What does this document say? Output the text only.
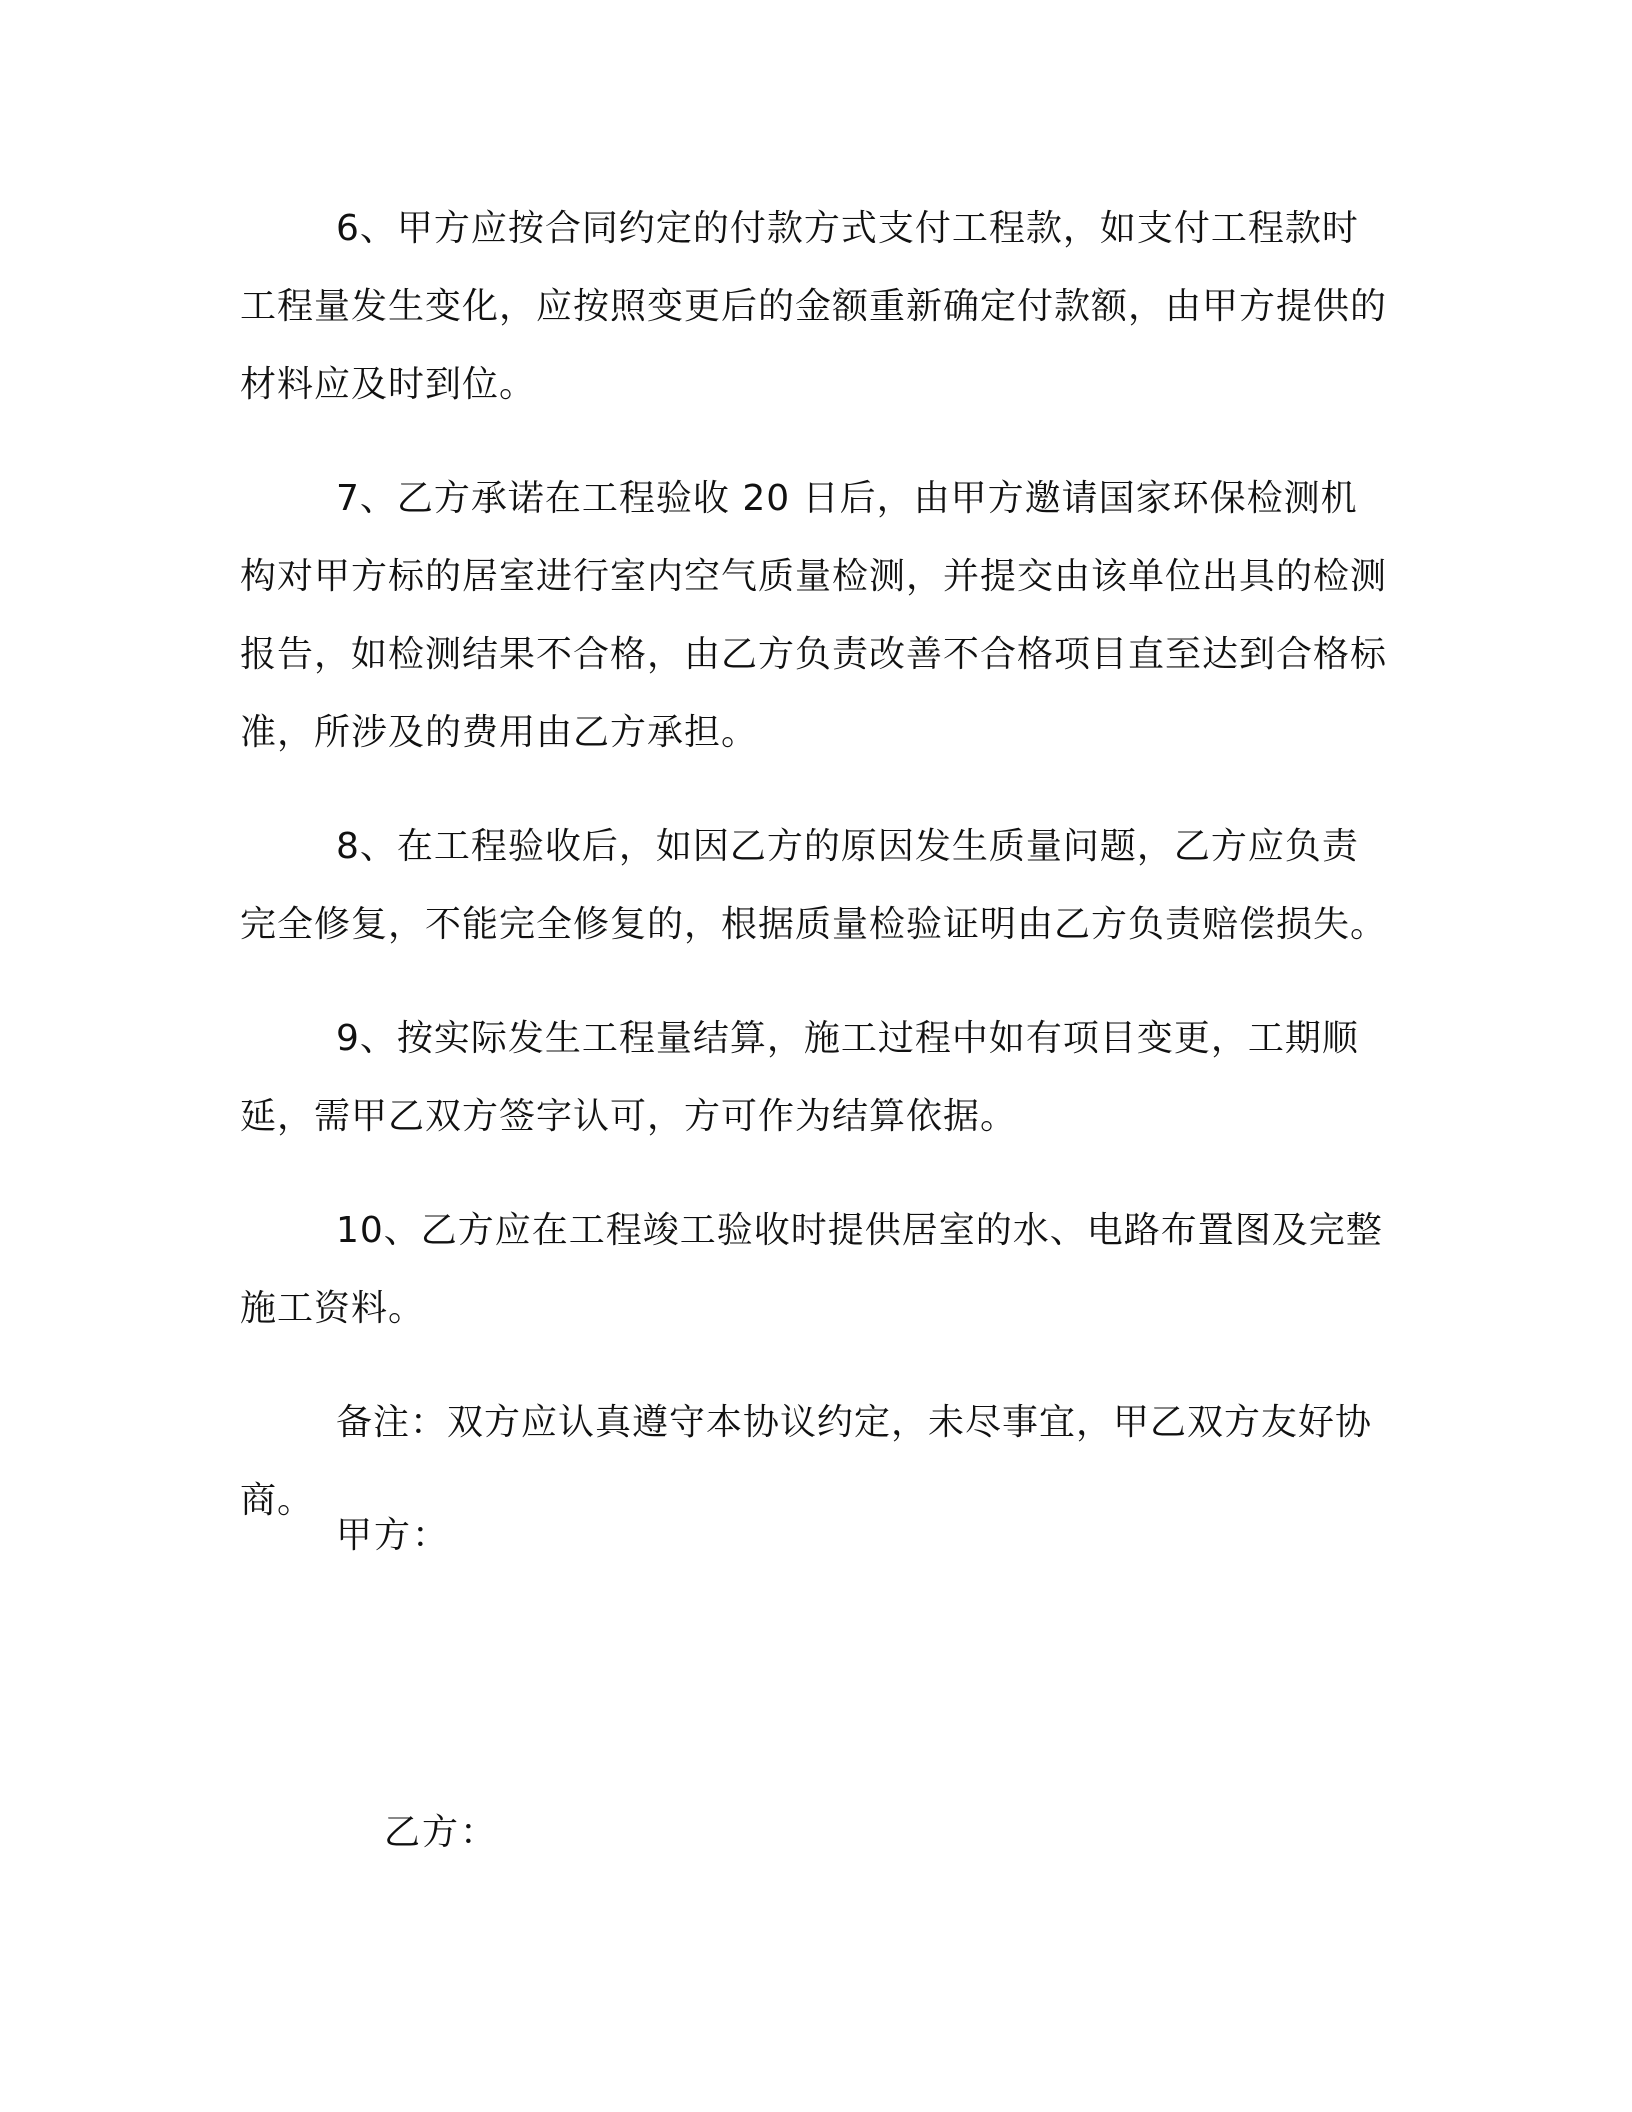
6、甲方应按合同约定的付款方式支付工程款，如支付工程款时工程量发生变化，应按照变更后的金额重新确定付款额，由甲方提供的材料应及时到位。

7、乙方承诺在工程验收 20 日后，由甲方邀请国家环保检测机构对甲方标的居室进行室内空气质量检测，并提交由该单位出具的检测报告，如检测结果不合格，由乙方负责改善不合格项目直至达到合格标准，所涉及的费用由乙方承担。

8、在工程验收后，如因乙方的原因发生质量问题，乙方应负责完全修复，不能完全修复的，根据质量检验证明由乙方负责赔偿损失。

9、按实际发生工程量结算，施工过程中如有项目变更，工期顺延，需甲乙双方签字认可，方可作为结算依据。

10、乙方应在工程竣工验收时提供居室的水、电路布置图及完整施工资料。

备注：双方应认真遵守本协议约定，未尽事宜，甲乙双方友好协商。

甲方：
乙方：
